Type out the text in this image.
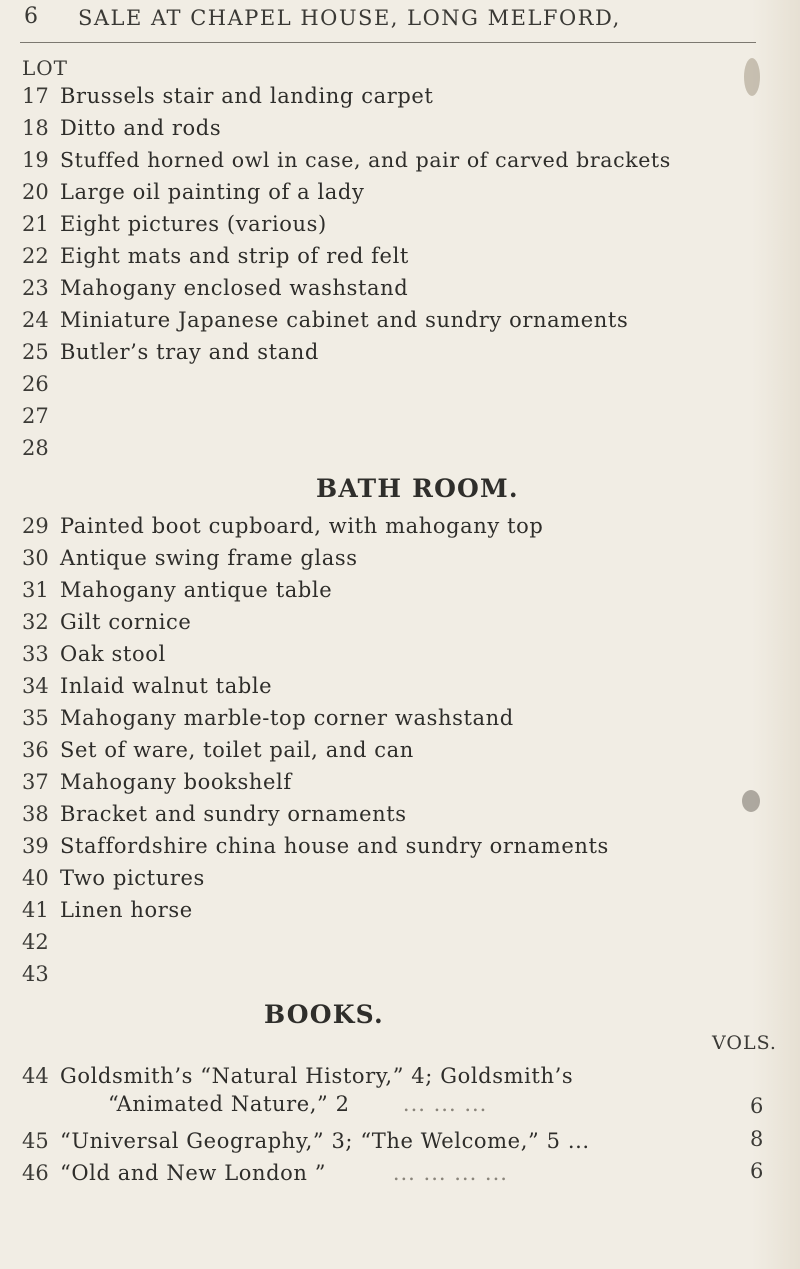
6 SALE AT CHAPEL HOUSE, LONG MELFORD,
LOT
17 Brussels stair and landing carpet
18 Ditto and rods
19 Stuffed horned owl in case, and pair of carved brackets
20 Large oil painting of a lady
21 Eight pictures (various)
22 Eight mats and strip of red felt
23 Mahogany enclosed washstand
24 Miniature Japanese cabinet and sundry ornaments
25 Butler’s tray and stand
26
27
28
BATH ROOM.
29 Painted boot cupboard, with mahogany top
30 Antique swing frame glass
31 Mahogany antique table
32 Gilt cornice
33 Oak stool
34 Inlaid walnut table
35 Mahogany marble-top corner washstand
36 Set of ware, toilet pail, and can
37 Mahogany bookshelf
38 Bracket and sundry ornaments
39 Staffordshire china house and sundry ornaments
40 Two pictures
41 Linen horse
42
43
BOOKS.
VOLS.
44 Goldsmith’s “Natural History,” 4; Goldsmith’s
“Animated Nature,” 2	... ... ...	6
45 “Universal Geography,” 3; “The Welcome,” 5 ...	8
46 “Old and New London ”	... ... ... ...	6
